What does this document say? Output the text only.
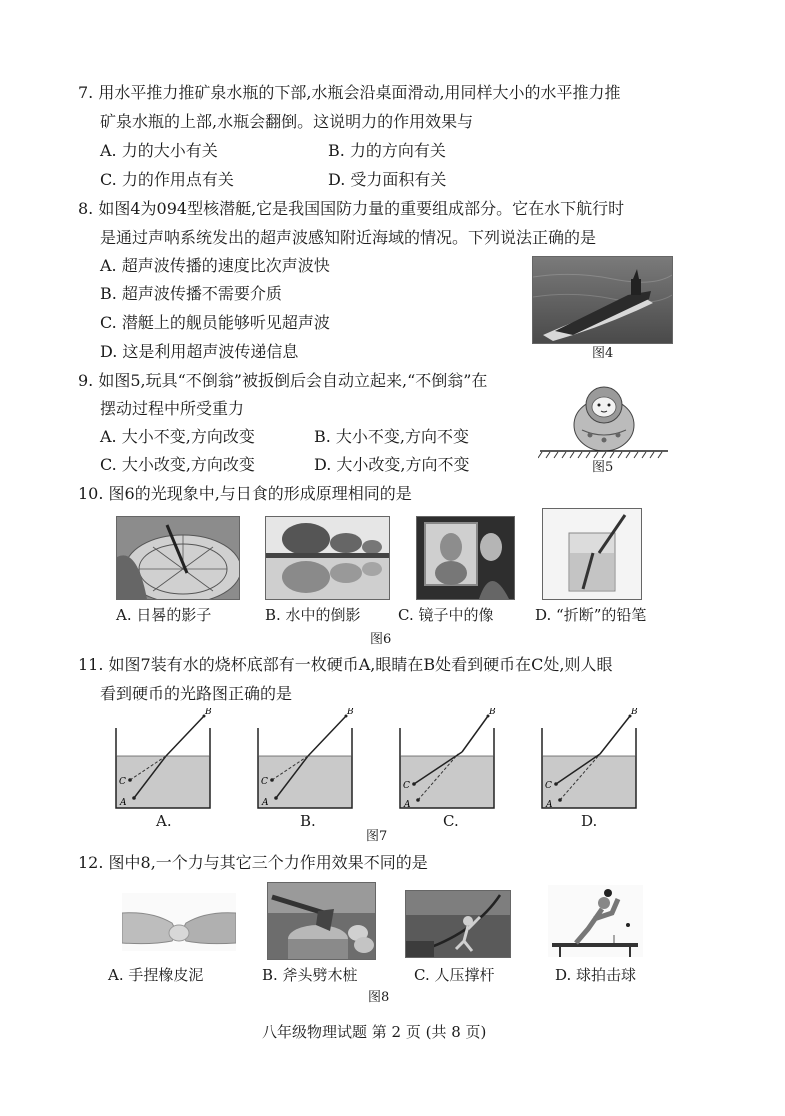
7. 用水平推力推矿泉水瓶的下部,水瓶会沿桌面滑动,用同样大小的水平推力推
矿泉水瓶的上部,水瓶会翻倒。这说明力的作用效果与
A. 力的大小有关	B. 力的方向有关
C. 力的作用点有关	D. 受力面积有关
8. 如图4为094型核潜艇,它是我国国防力量的重要组成部分。它在水下航行时
是通过声呐系统发出的超声波感知附近海域的情况。下列说法正确的是
A. 超声波传播的速度比次声波快
B. 超声波传播不需要介质
C. 潜艇上的舰员能够听见超声波
D. 这是利用超声波传递信息	图4
9. 如图5,玩具“不倒翁”被扳倒后会自动立起来,“不倒翁”在
摆动过程中所受重力
A. 大小不变,方向改变	B. 大小不变,方向不变
C. 大小改变,方向改变	D. 大小改变,方向不变	图5
10. 图6的光现象中,与日食的形成原理相同的是
A. 日晷的影子	B. 水中的倒影 C. 镜子中的像	D. “折断”的铅笔
图6
11. 如图7装有水的烧杯底部有一枚硬币A,眼睛在B处看到硬币在C处,则人眼
看到硬币的光路图正确的是
C
A
B
C
A
B
C
A
B
C
A
B
A.	B.	C.	D.
图7
12. 图中8,一个力与其它三个力作用效果不同的是
A. 手捏橡皮泥	B. 斧头劈木桩	C. 人压撑杆	D. 球拍击球
图8
八年级物理试题 第 2 页 (共 8 页)
